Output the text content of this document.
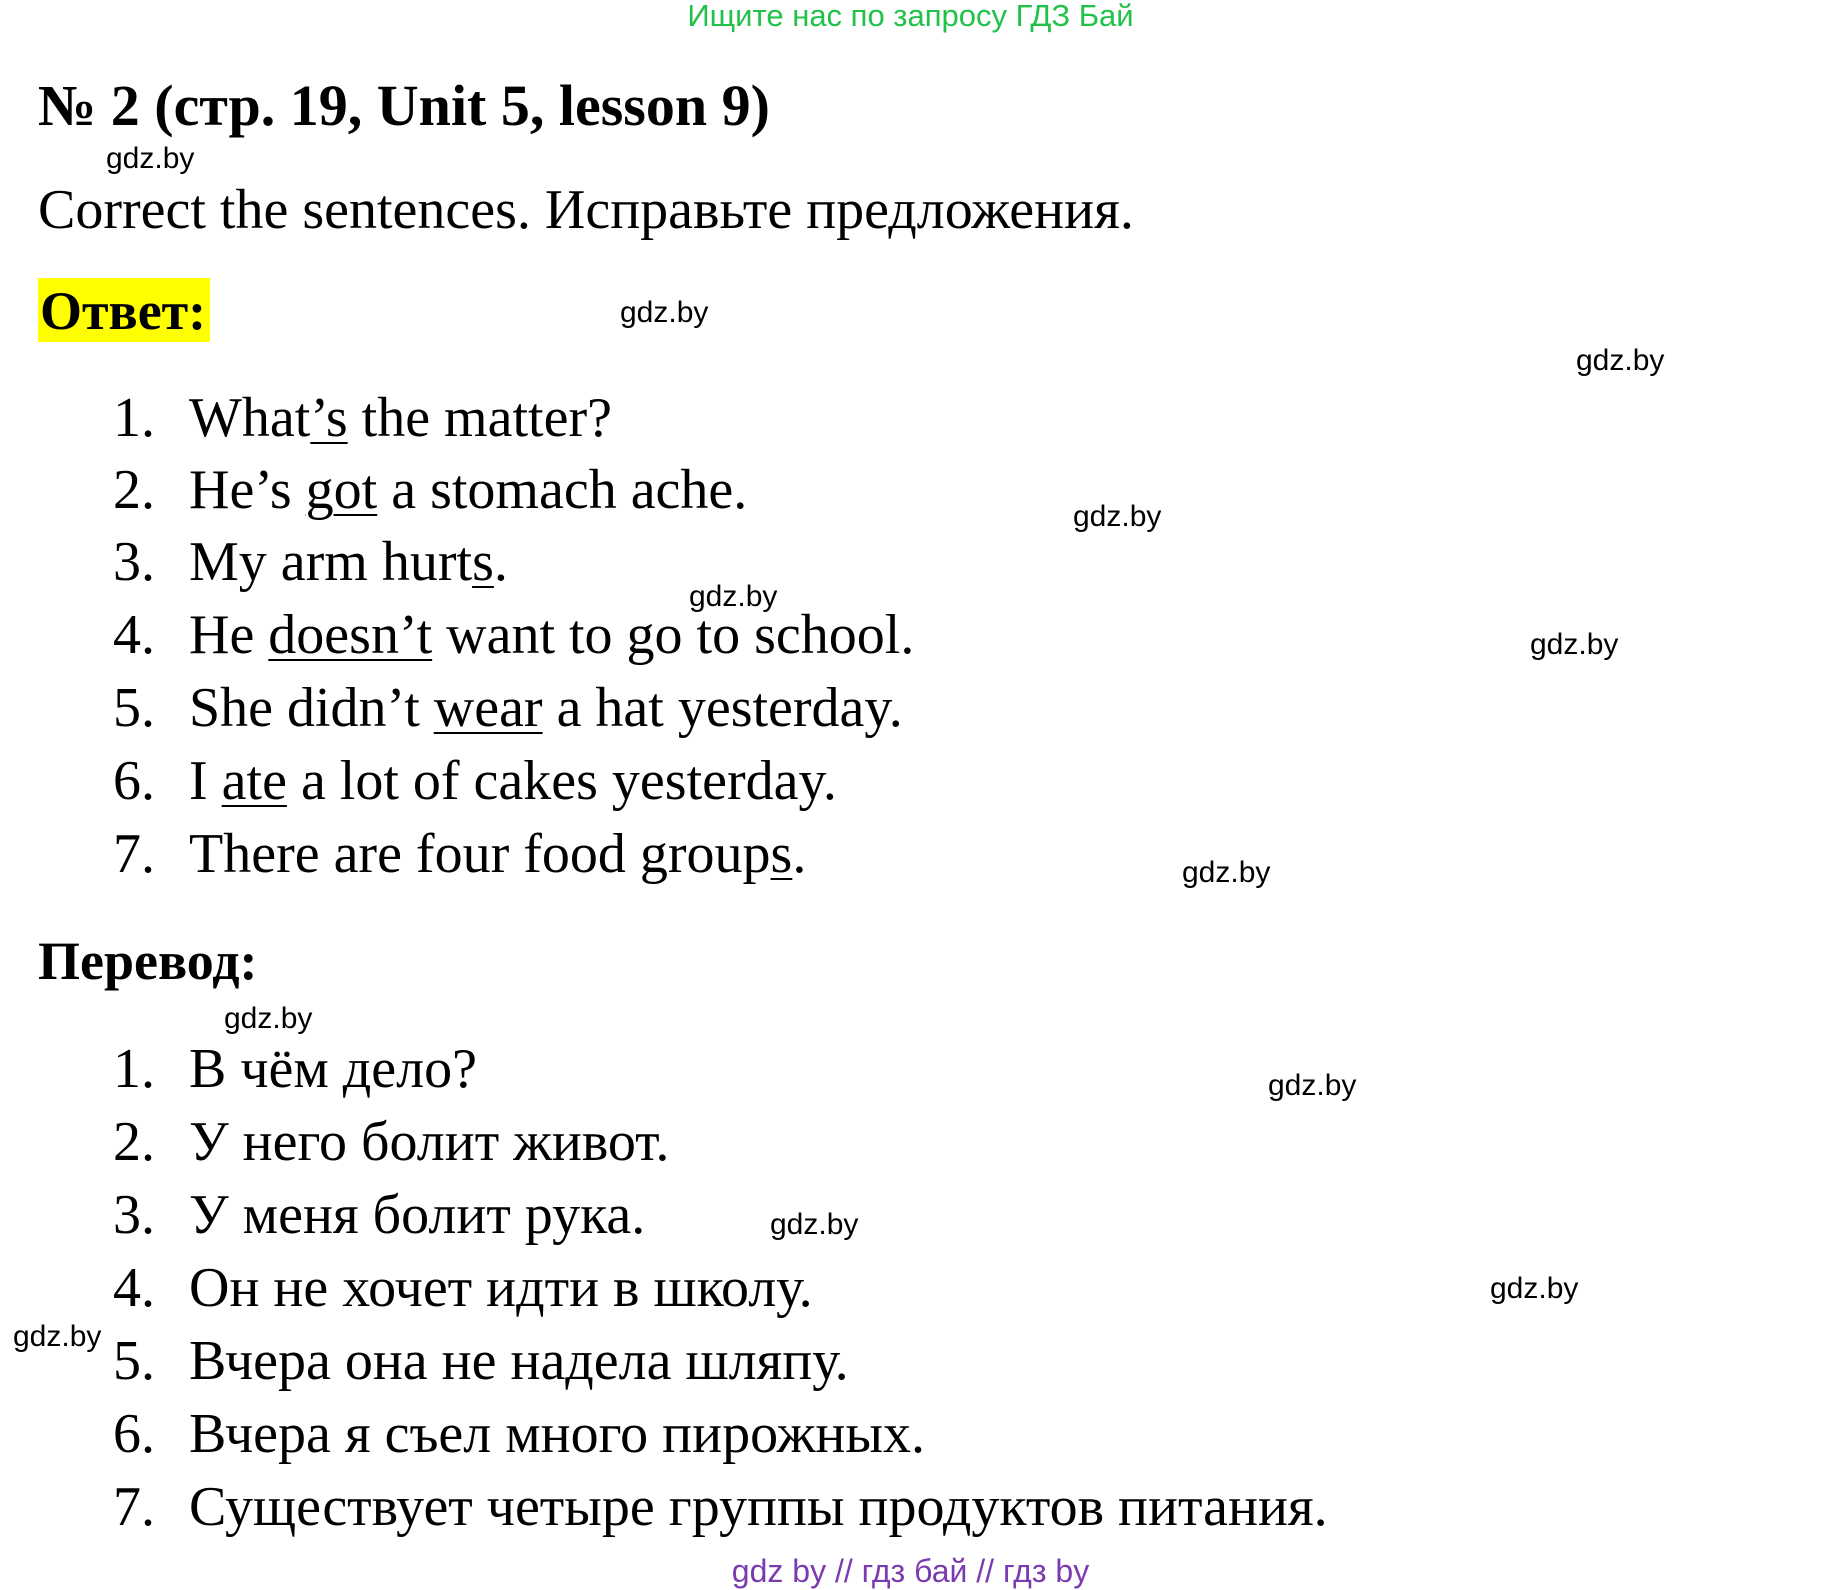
Ищите нас по запросу ГДЗ Бай
№ 2 (стр. 19, Unit 5, lesson 9)
Correct the sentences. Исправьте предложения.
Ответ:
1. What’s the matter?
2. He’s got a stomach ache.
3. My arm hurts.
4. He doesn’t want to go to school.
5. She didn’t wear a hat yesterday.
6. I ate a lot of cakes yesterday.
7. There are four food groups.
Перевод:
1. В чём дело?
2. У него болит живот.
3. У меня болит рука.
4. Он не хочет идти в школу.
5. Вчера она не надела шляпу.
6. Вчера я съел много пирожных.
7. Существует четыре группы продуктов питания.
gdz.by
gdz.by
gdz.by
gdz.by
gdz.by
gdz.by
gdz.by
gdz.by
gdz.by
gdz.by
gdz.by
gdz.by
gdz by // гдз бай // гдз by
